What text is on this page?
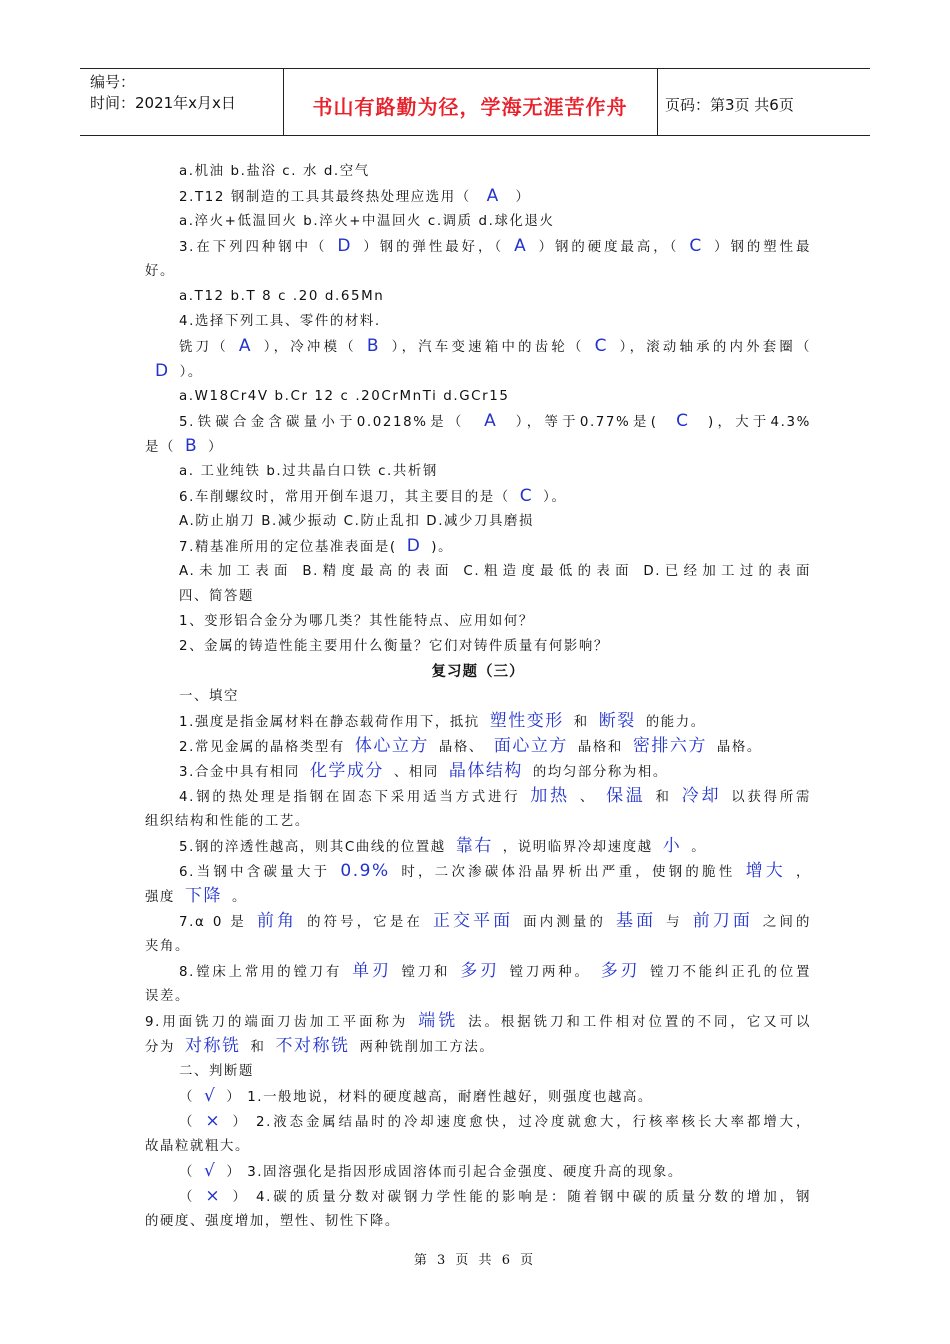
编号：
时间：2021年x月x日	书山有路勤为径，学海无涯苦作舟	页码：第3页 共6页
a.机油 b.盐浴 c. 水 d.空气
2.T12 钢制造的工具其最终热处理应选用（ A ）
a.淬火+低温回火 b.淬火+中温回火 c.调质 d.球化退火
3.在下列四种钢中（ D ）钢的弹性最好，（ A ）钢的硬度最高，（ C ）钢的塑性最
好。
a.T12 b.T 8 c .20 d.65Mn
4.选择下列工具、零件的材料.
铣刀（ A ），冷冲模（ B ），汽车变速箱中的齿轮（ C ），滚动轴承的内外套圈（
D ）。
a.W18Cr4V b.Cr 12 c .20CrMnTi d.GCr15
5.铁碳合金含碳量小于0.0218%是（ A ），等于0.77%是( C )，大于4.3%
是（ B ）
a. 工业纯铁 b.过共晶白口铁 c.共析钢
6.车削螺纹时，常用开倒车退刀，其主要目的是（ C ）。
A.防止崩刀 B.减少振动 C.防止乱扣 D.减少刀具磨损
7.精基准所用的定位基准表面是( D )。
A.未加工表面 B.精度最高的表面 C.粗造度最低的表面 D.已经加工过的表面
四、简答题
1、变形铝合金分为哪几类？其性能特点、应用如何？
2、金属的铸造性能主要用什么衡量？它们对铸件质量有何影响？
复习题（三）
一、填空
1.强度是指金属材料在静态载荷作用下，抵抗 塑性变形 和 断裂 的能力。
2.常见金属的晶格类型有 体心立方 晶格、 面心立方 晶格和 密排六方 晶格。
3.合金中具有相同 化学成分 、相同 晶体结构 的均匀部分称为相。
4.钢的热处理是指钢在固态下采用适当方式进行 加热 、 保温 和 冷却 以获得所需
组织结构和性能的工艺。
5.钢的淬透性越高，则其C曲线的位置越 靠右 ，说明临界冷却速度越 小 。
6.当钢中含碳量大于 0.9% 时，二次渗碳体沿晶界析出严重，使钢的脆性 增大 ，
强度 下降 。
7.α 0 是 前角 的符号，它是在 正交平面 面内测量的 基面 与 前刀面 之间的
夹角。
8.镗床上常用的镗刀有 单刃 镗刀和 多刃 镗刀两种。 多刃 镗刀不能纠正孔的位置
误差。
9.用面铣刀的端面刀齿加工平面称为 端铣 法。根据铣刀和工件相对位置的不同，它又可以
分为 对称铣 和 不对称铣 两种铣削加工方法。
二、判断题
（ √ ） 1.一般地说，材料的硬度越高，耐磨性越好，则强度也越高。
（ × ） 2.液态金属结晶时的冷却速度愈快，过冷度就愈大，行核率核长大率都增大，
故晶粒就粗大。
（ √ ） 3.固溶强化是指因形成固溶体而引起合金强度、硬度升高的现象。
（ × ） 4.碳的质量分数对碳钢力学性能的影响是：随着钢中碳的质量分数的增加，钢
的硬度、强度增加，塑性、韧性下降。
第 3 页 共 6 页
